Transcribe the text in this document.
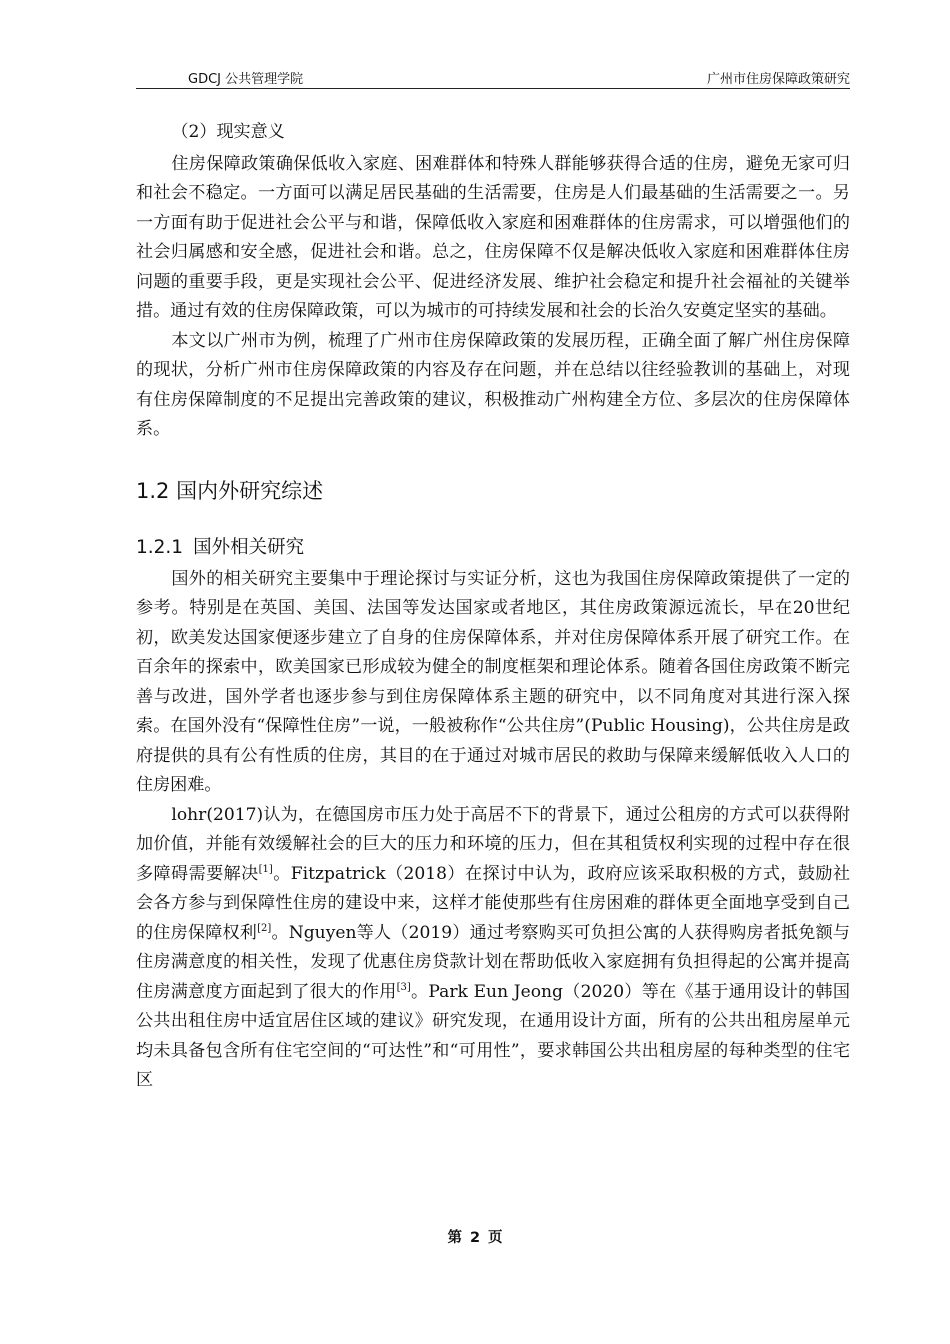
GDCJ 公共管理学院	广州市住房保障政策研究

（2）现实意义

住房保障政策确保低收入家庭、困难群体和特殊人群能够获得合适的住房，避免无家可归和社会不稳定。一方面可以满足居民基础的生活需要，住房是人们最基础的生活需要之一。另一方面有助于促进社会公平与和谐，保障低收入家庭和困难群体的住房需求，可以增强他们的社会归属感和安全感，促进社会和谐。总之，住房保障不仅是解决低收入家庭和困难群体住房问题的重要手段，更是实现社会公平、促进经济发展、维护社会稳定和提升社会福祉的关键举措。通过有效的住房保障政策，可以为城市的可持续发展和社会的长治久安奠定坚实的基础。

本文以广州市为例，梳理了广州市住房保障政策的发展历程，正确全面了解广州住房保障的现状，分析广州市住房保障政策的内容及存在问题，并在总结以往经验教训的基础上，对现有住房保障制度的不足提出完善政策的建议，积极推动广州构建全方位、多层次的住房保障体系。

1.2 国内外研究综述
1.2.1 国外相关研究

国外的相关研究主要集中于理论探讨与实证分析，这也为我国住房保障政策提供了一定的参考。特别是在英国、美国、法国等发达国家或者地区，其住房政策源远流长，早在20世纪初，欧美发达国家便逐步建立了自身的住房保障体系，并对住房保障体系开展了研究工作。在百余年的探索中，欧美国家已形成较为健全的制度框架和理论体系。随着各国住房政策不断完善与改进，国外学者也逐步参与到住房保障体系主题的研究中，以不同角度对其进行深入探索。在国外没有“保障性住房”一说，一般被称作“公共住房”(Public Housing)，公共住房是政府提供的具有公有性质的住房，其目的在于通过对城市居民的救助与保障来缓解低收入人口的住房困难。

lohr(2017)认为，在德国房市压力处于高居不下的背景下，通过公租房的方式可以获得附加价值，并能有效缓解社会的巨大的压力和环境的压力，但在其租赁权利实现的过程中存在很多障碍需要解决[1]。Fitzpatrick（2018）在探讨中认为，政府应该采取积极的方式，鼓励社会各方参与到保障性住房的建设中来，这样才能使那些有住房困难的群体更全面地享受到自己的住房保障权利[2]。Nguyen等人（2019）通过考察购买可负担公寓的人获得购房者抵免额与住房满意度的相关性，发现了优惠住房贷款计划在帮助低收入家庭拥有负担得起的公寓并提高住房满意度方面起到了很大的作用[3]。Park Eun Jeong（2020）等在《基于通用设计的韩国公共出租住房中适宜居住区域的建议》研究发现，在通用设计方面，所有的公共出租房屋单元均未具备包含所有住宅空间的“可达性”和“可用性”，要求韩国公共出租房屋的每种类型的住宅区

第 2 页
